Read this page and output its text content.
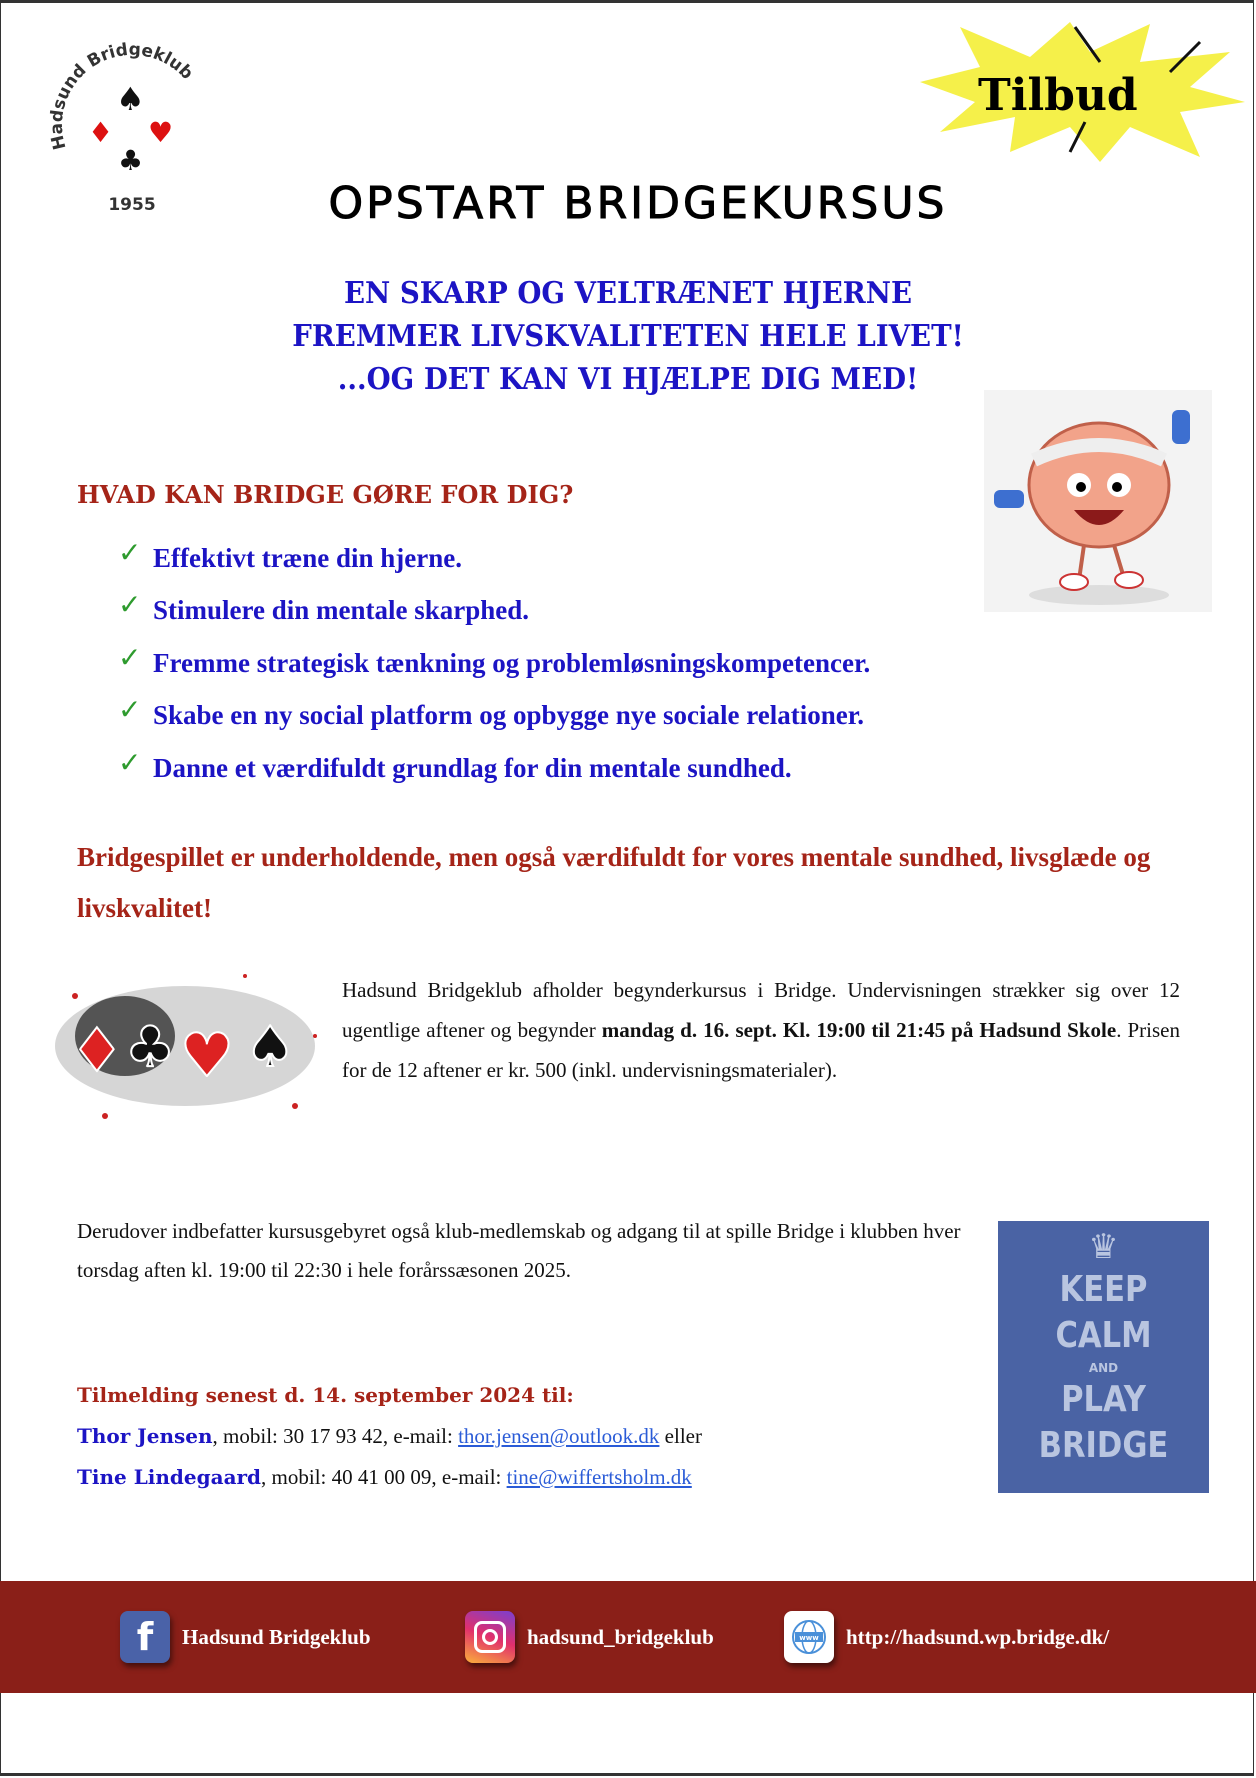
Hadsund Bridgeklub
1955
♠
♦ ♥
♣
Tilbud
OPSTART BRIDGEKURSUS
EN SKARP OG VELTRÆNET HJERNE
FREMMER LIVSKVALITETEN HELE LIVET!
...OG DET KAN VI HJÆLPE DIG MED!
HVAD KAN BRIDGE GØRE FOR DIG?
✓ Effektivt træne din hjerne.
✓ Stimulere din mentale skarphed.
✓ Fremme strategisk tænkning og problemløsningskompetencer.
✓ Skabe en ny social platform og opbygge nye sociale relationer.
✓ Danne et værdifuldt grundlag for din mentale sundhed.
Bridgespillet er underholdende, men også værdifuldt for vores mentale sundhed, livsglæde og livskvalitet!
♦ ♣ ♥ ♠
Hadsund Bridgeklub afholder begynderkursus i Bridge. Undervisningen strækker sig over 12 ugentlige aftener og begynder mandag d. 16. sept. Kl. 19:00 til 21:45 på Hadsund Skole. Prisen for de 12 aftener er kr. 500 (inkl. undervisningsmaterialer).
Derudover indbefatter kursusgebyret også klub-medlemskab og adgang til at spille Bridge i klubben hver torsdag aften kl. 19:00 til 22:30 i hele forårssæsonen 2025.
♛
KEEP
CALM
AND
PLAY
BRIDGE
Tilmelding senest d. 14. september 2024 til:
Thor Jensen, mobil: 30 17 93 42, e-mail: thor.jensen@outlook.dk eller
Tine Lindegaard, mobil: 40 41 00 09, e-mail: tine@wiffertsholm.dk
f Hadsund Bridgeklub	hadsund_bridgeklub	www http://hadsund.wp.bridge.dk/
